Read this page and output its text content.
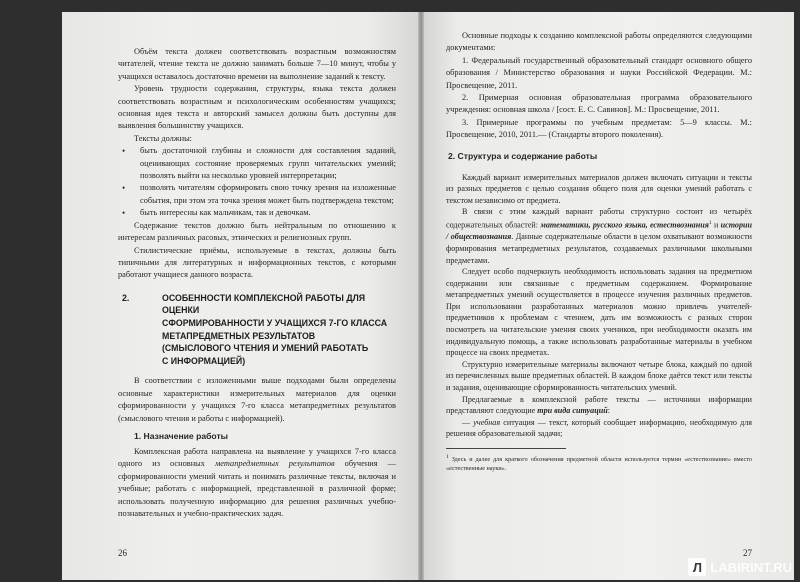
Объём текста должен соответствовать возрастным возможностям читателей, чтение текста не должно занимать больше 7—10 минут, чтобы у учащихся оставалось достаточно времени на выполнение заданий к тексту.

Уровень трудности содержания, структуры, языка текста должен соответствовать возрастным и психологическим особенностям учащихся; основная идея текста и авторский замысел должны быть доступны для выявления большинству учащихся.

Тексты должны:

• быть достаточной глубины и сложности для составления заданий, оценивающих состояние проверяемых групп читательских умений; позволять выйти на несколько уровней интерпретации;
• позволять читателям сформировать свою точку зрения на изложенные события, при этом эта точка зрения может быть подтверждена текстом;
• быть интересны как мальчикам, так и девочкам.

Содержание текстов должно быть нейтральным по отношению к интересам различных расовых, этнических и религиозных групп.

Стилистические приёмы, используемые в текстах, должны быть типичными для литературных и информационных текстов, с которыми работают учащиеся данного возраста.

2.	ОСОБЕННОСТИ КОМПЛЕКСНОЙ РАБОТЫ ДЛЯ ОЦЕНКИ
СФОРМИРОВАННОСТИ У УЧАЩИХСЯ 7-ГО КЛАССА
МЕТАПРЕДМЕТНЫХ РЕЗУЛЬТАТОВ
(СМЫСЛОВОГО ЧТЕНИЯ И УМЕНИЙ РАБОТАТЬ
С ИНФОРМАЦИЕЙ)

В соответствии с изложенными выше подходами были определены основные характеристики измерительных материалов для оценки сформированности у учащихся 7-го класса метапредметных результатов (смыслового чтения и работы с информацией).

1. Назначение работы

Комплексная работа направлена на выявление у учащихся 7-го класса одного из основных метапредметных результатов обучения — сформированности умений читать и понимать различные тексты, включая и учебные; работать с информацией, представленной в различной форме; использовать полученную информацию для решения различных учебно-познавательных и учебно-практических задач.

26

Основные подходы к созданию комплексной работы определяются следующими документами:

1. Федеральный государственный образовательный стандарт основного общего образования / Министерство образования и науки Российской Федерации. М.: Просвещение, 2011.

2. Примерная основная образовательная программа образовательного учреждения: основная школа / [сост. Е. С. Савинов]. М.: Просвещение, 2011.

3. Примерные программы по учебным предметам: 5—9 классы. М.: Просвещение, 2010, 2011.— (Стандарты второго поколения).

2. Структура и содержание работы

Каждый вариант измерительных материалов должен включать ситуации и тексты из разных предметов с целью создания общего поля для оценки умений работать с текстом независимо от предмета.

В связи с этим каждый вариант работы структурно состоит из четырёх содержательных областей: математики, русского языка, естествознания$^1$ и истории / обществознания. Данные содержательные области в целом охватывают возможности формирования метапредметных результатов, создаваемых различными школьными предметами.

Следует особо подчеркнуть необходимость использовать задания на предметном содержании или связанные с предметным содержанием. Формирование метапредметных умений осуществляется в процессе изучения различных предметов. При использовании разработанных материалов можно привлечь учителей-предметников к проблемам с чтением, дать им возможность с разных сторон посмотреть на читательские умения своих учеников, при необходимости оказать им индивидуальную помощь, а также использовать разработанные материалы в учебном процессе на своих предметах.

Структурно измерительные материалы включают четыре блока, каждый по одной из перечисленных выше предметных областей. В каждом блоке даётся текст или тексты и задания, оценивающие сформированность читательских умений.

Предлагаемые в комплексной работе тексты — источники информации представляют следующие три вида ситуаций:

— учебная ситуация — текст, который сообщает информацию, необходимую для решения образовательной задачи;

$^1$ Здесь и далее для краткого обозначения предметной области используется термин «естествознание» вместо «естественные науки».

27
Л LABIRINT.RU
